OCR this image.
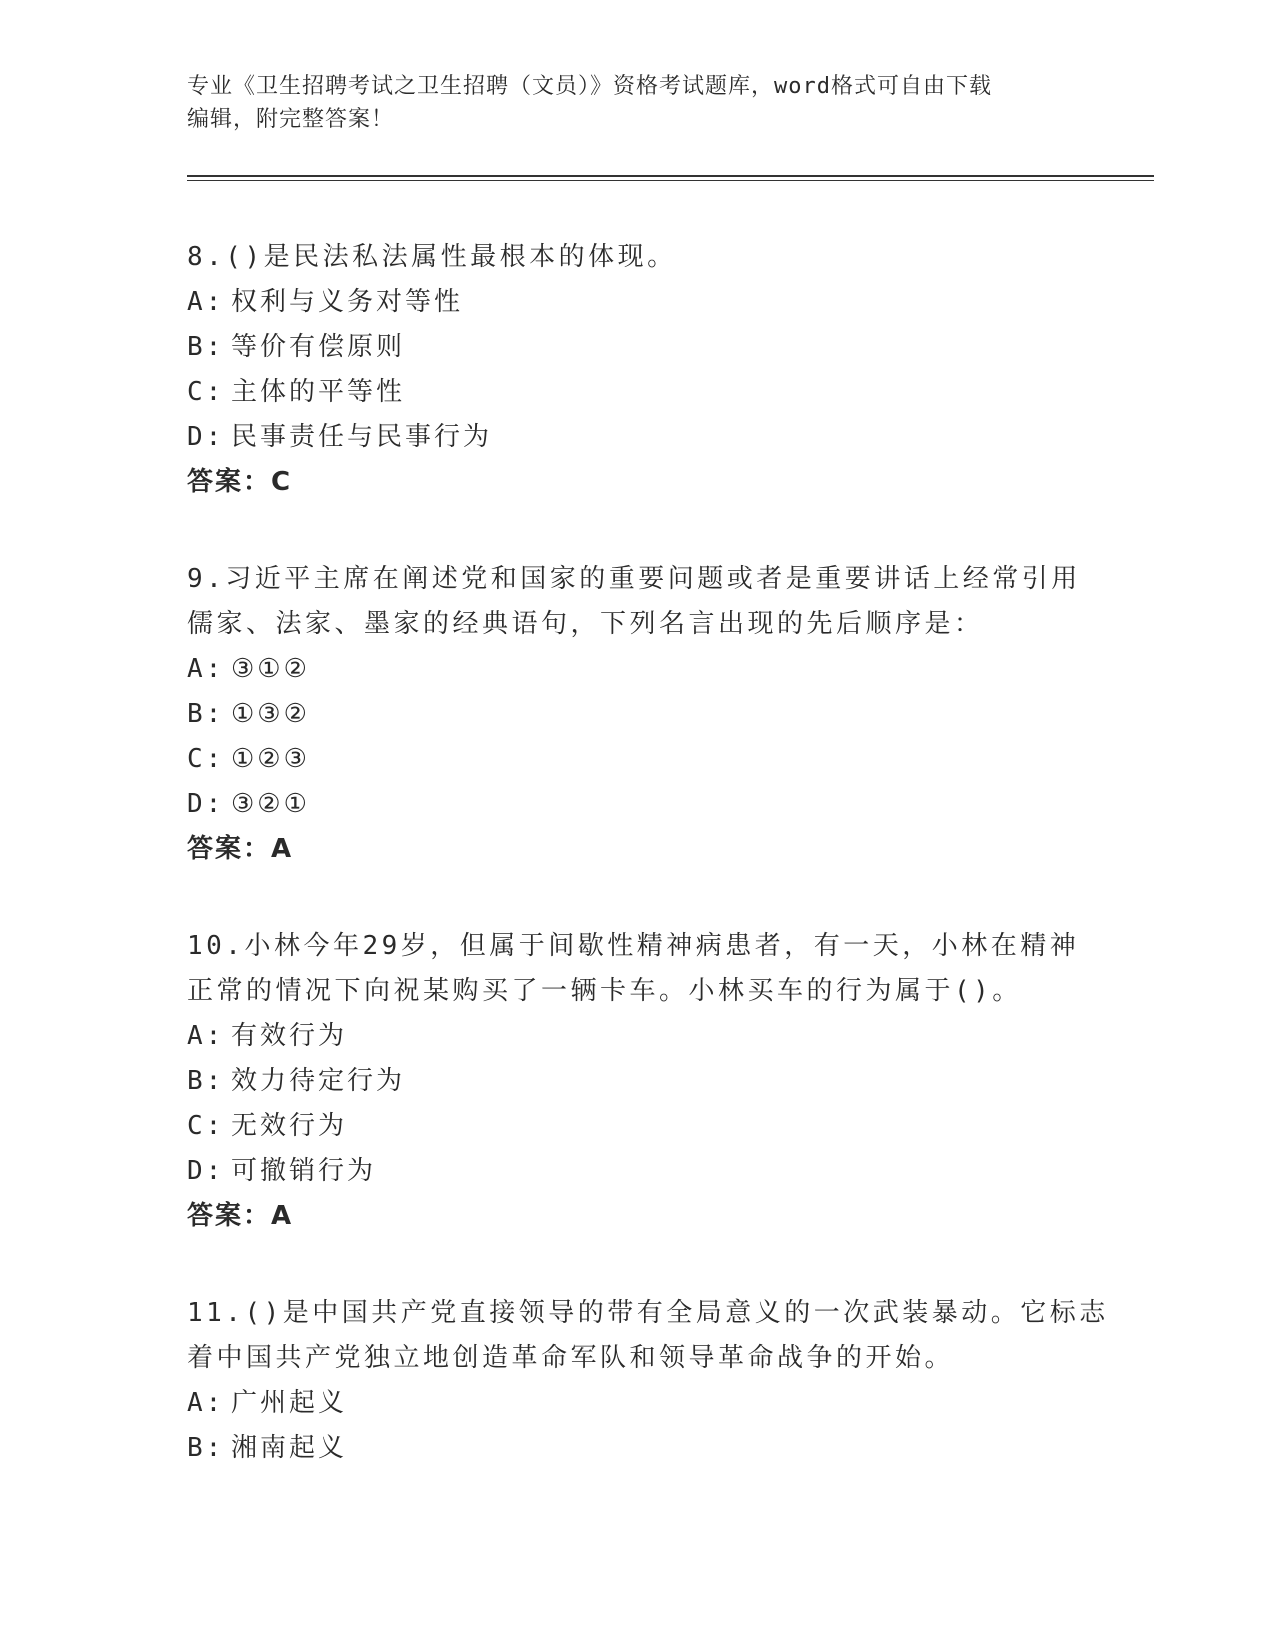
专业《卫生招聘考试之卫生招聘（文员）》资格考试题库，word格式可自由下载
编辑，附完整答案！
8.()是民法私法属性最根本的体现。
A: 权利与义务对等性
B: 等价有偿原则
C: 主体的平等性
D: 民事责任与民事行为
答案：C
9.习近平主席在阐述党和国家的重要问题或者是重要讲话上经常引用
儒家、法家、墨家的经典语句，下列名言出现的先后顺序是：
A: ③①②
B: ①③②
C: ①②③
D: ③②①
答案：A
10.小林今年29岁，但属于间歇性精神病患者，有一天，小林在精神
正常的情况下向祝某购买了一辆卡车。小林买车的行为属于()。
A: 有效行为
B: 效力待定行为
C: 无效行为
D: 可撤销行为
答案：A
11.()是中国共产党直接领导的带有全局意义的一次武装暴动。它标志
着中国共产党独立地创造革命军队和领导革命战争的开始。
A: 广州起义
B: 湘南起义
